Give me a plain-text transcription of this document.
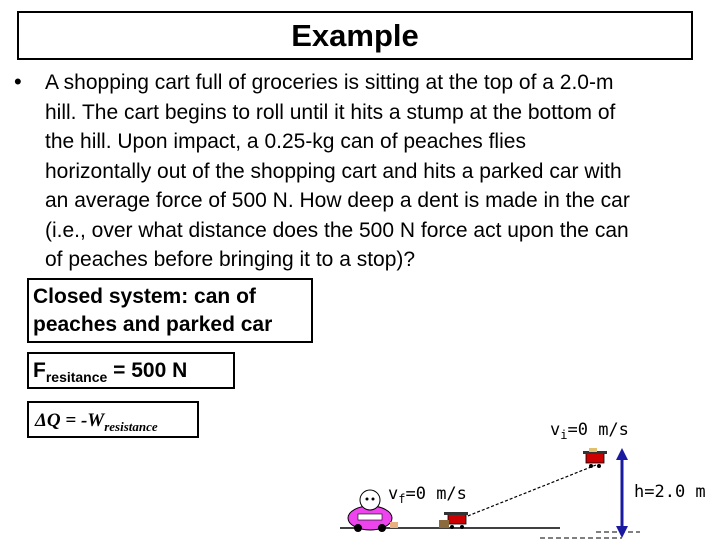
Example
• A shopping cart full of groceries is sitting at the top of a 2.0-m
hill. The cart begins to roll until it hits a stump at the bottom of
the hill. Upon impact, a 0.25-kg can of peaches flies
horizontally out of the shopping cart and hits a parked car with
an average force of 500 N. How deep a dent is made in the car
(i.e., over what distance does the 500 N force act upon the can
of peaches before bringing it to a stop)?
Closed system: can of
peaches and parked car
$F_{resitance} = 500$ N
$\Delta Q = -W_{resistance}$	$v_i=0$ m/s
$v_f=0$ m/s	h=2.0 m
